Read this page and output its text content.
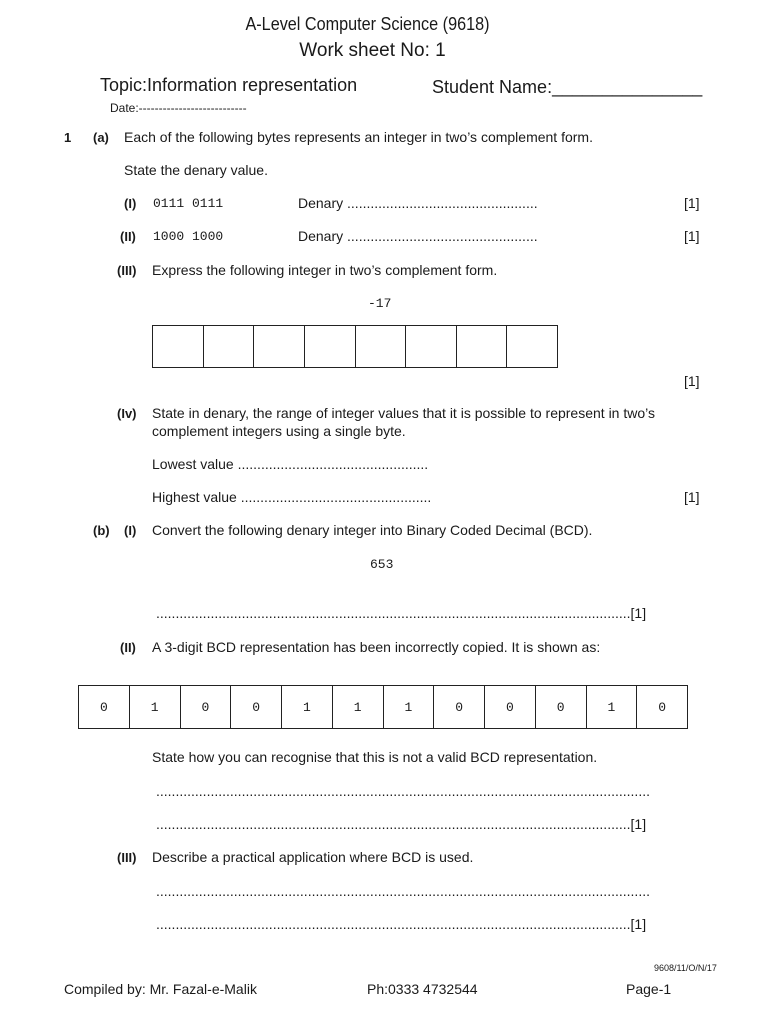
A-Level Computer Science (9618)
Work sheet No: 1
Topic:Information representation	Student Name:_______________
Date:---------------------------
1 (a) Each of the following bytes represents an integer in two’s complement form.
State the denary value.
(I) 0111 0111	Denary .................................................	[1]
(II) 1000 1000	Denary .................................................	[1]
(III) Express the following integer in two’s complement form.
-17
[1]
(Iv) State in denary, the range of integer values that it is possible to represent in two’s
complement integers using a single byte.
Lowest value .................................................
Highest value .................................................	[1]
(b) (I) Convert the following denary integer into Binary Coded Decimal (BCD).
653
..........................................................................................................................[1]
(II) A 3-digit BCD representation has been incorrectly copied. It is shown as:
0	1	0	0	1	1	1	0	0	0	1	0
State how you can recognise that this is not a valid BCD representation.
...............................................................................................................................
..........................................................................................................................[1]
(III) Describe a practical application where BCD is used.
...............................................................................................................................
..........................................................................................................................[1]
9608/11/O/N/17
Compiled by: Mr. Fazal-e-Malik	Ph:0333 4732544	Page-1
